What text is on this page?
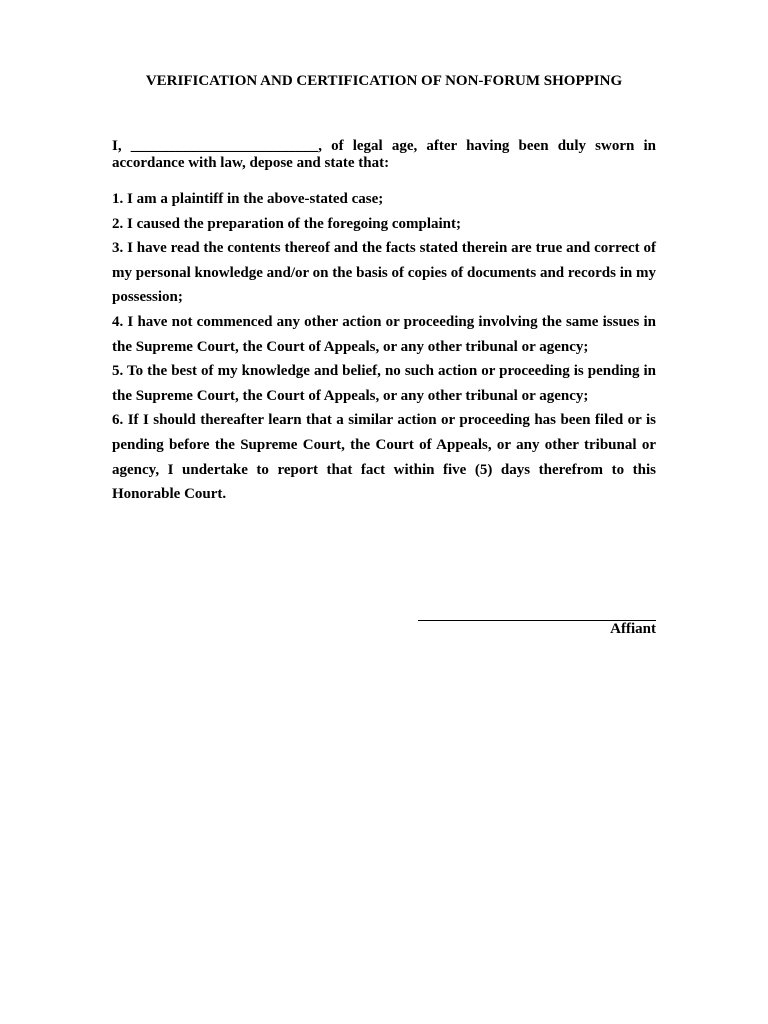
VERIFICATION AND CERTIFICATION OF NON-FORUM SHOPPING

I, _________________________, of legal age, after having been duly sworn in accordance with law, depose and state that:

1. I am a plaintiff in the above-stated case;
2. I caused the preparation of the foregoing complaint;
3. I have read the contents thereof and the facts stated therein are true and correct of my personal knowledge and/or on the basis of copies of documents and records in my possession;
4. I have not commenced any other action or proceeding involving the same issues in the Supreme Court, the Court of Appeals, or any other tribunal or agency;
5. To the best of my knowledge and belief, no such action or proceeding is pending in the Supreme Court, the Court of Appeals, or any other tribunal or agency;
6. If I should thereafter learn that a similar action or proceeding has been filed or is pending before the Supreme Court, the Court of Appeals, or any other tribunal or agency, I undertake to report that fact within five (5) days therefrom to this Honorable Court.

Affiant
